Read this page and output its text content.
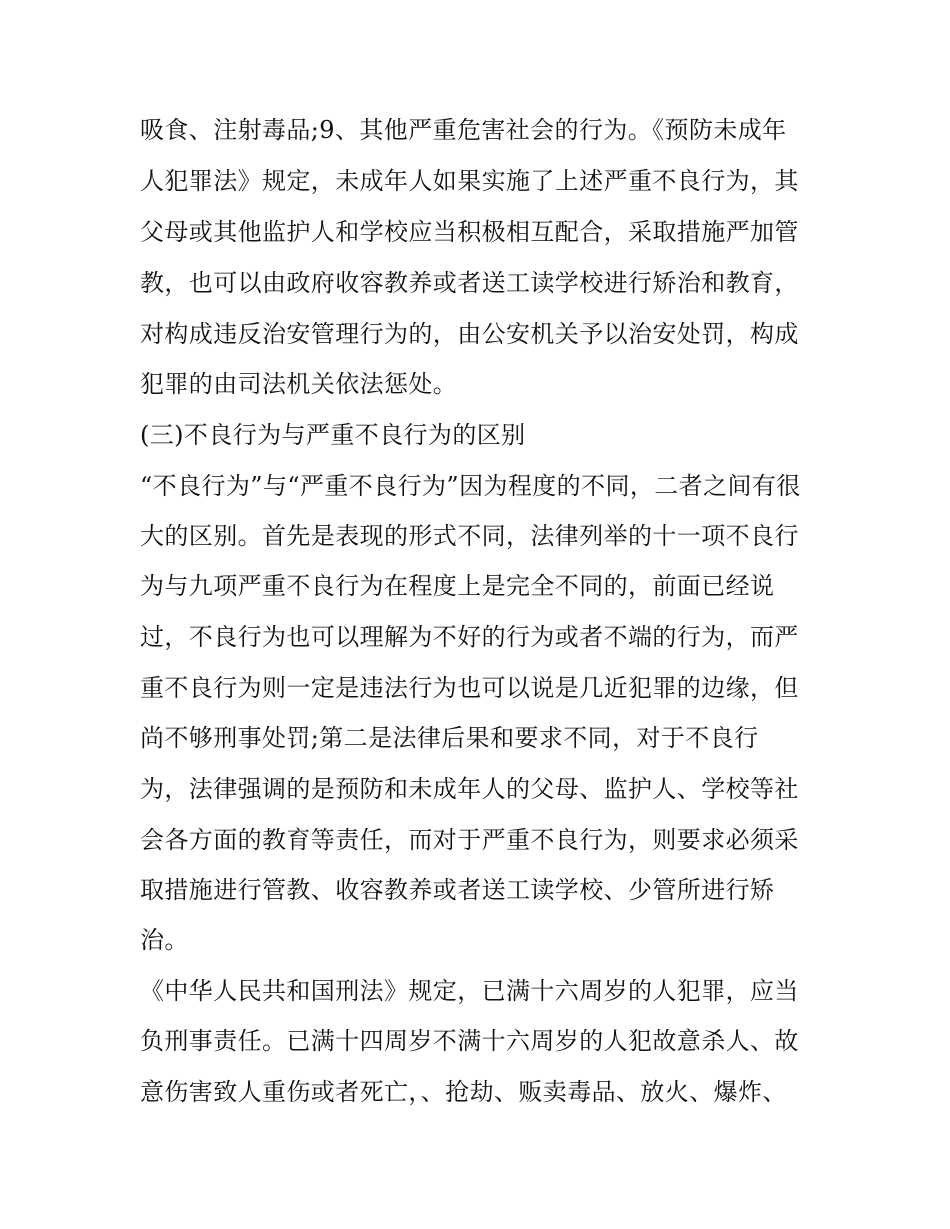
吸食、注射毒品;9、其他严重危害社会的行为。《预防未成年
人犯罪法》规定，未成年人如果实施了上述严重不良行为，其
父母或其他监护人和学校应当积极相互配合，采取措施严加管
教，也可以由政府收容教养或者送工读学校进行矫治和教育，
对构成违反治安管理行为的，由公安机关予以治安处罚，构成
犯罪的由司法机关依法惩处。
(三)不良行为与严重不良行为的区别
“不良行为”与“严重不良行为”因为程度的不同，二者之间有很
大的区别。首先是表现的形式不同，法律列举的十一项不良行
为与九项严重不良行为在程度上是完全不同的，前面已经说
过，不良行为也可以理解为不好的行为或者不端的行为，而严
重不良行为则一定是违法行为也可以说是几近犯罪的边缘，但
尚不够刑事处罚;第二是法律后果和要求不同，对于不良行
为，法律强调的是预防和未成年人的父母、监护人、学校等社
会各方面的教育等责任，而对于严重不良行为，则要求必须采
取措施进行管教、收容教养或者送工读学校、少管所进行矫
治。
《中华人民共和国刑法》规定，已满十六周岁的人犯罪，应当
负刑事责任。已满十四周岁不满十六周岁的人犯故意杀人、故
意伤害致人重伤或者死亡，、抢劫、贩卖毒品、放火、爆炸、
